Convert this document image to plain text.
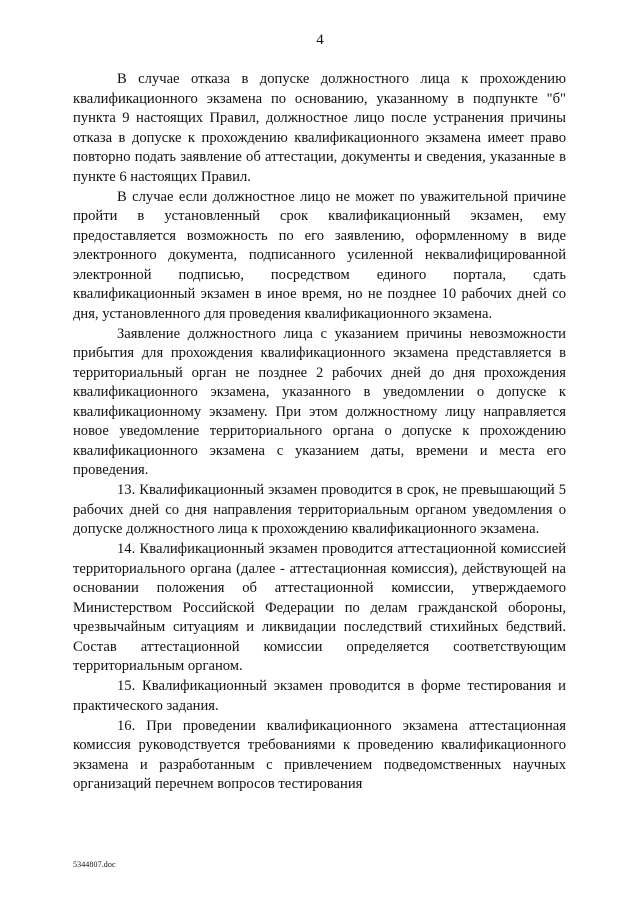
4

В случае отказа в допуске должностного лица к прохождению квалификационного экзамена по основанию, указанному в подпункте "б" пункта 9 настоящих Правил, должностное лицо после устранения причины отказа в допуске к прохождению квалификационного экзамена имеет право повторно подать заявление об аттестации, документы и сведения, указанные в пункте 6 настоящих Правил.

В случае если должностное лицо не может по уважительной причине пройти в установленный срок квалификационный экзамен, ему предоставляется возможность по его заявлению, оформленному в виде электронного документа, подписанного усиленной неквалифицированной электронной подписью, посредством единого портала, сдать квалификационный экзамен в иное время, но не позднее 10 рабочих дней со дня, установленного для проведения квалификационного экзамена.

Заявление должностного лица с указанием причины невозможности прибытия для прохождения квалификационного экзамена представляется в территориальный орган не позднее 2 рабочих дней до дня прохождения квалификационного экзамена, указанного в уведомлении о допуске к квалификационному экзамену. При этом должностному лицу направляется новое уведомление территориального органа о допуске к прохождению квалификационного экзамена с указанием даты, времени и места его проведения.

13. Квалификационный экзамен проводится в срок, не превышающий 5 рабочих дней со дня направления территориальным органом уведомления о допуске должностного лица к прохождению квалификационного экзамена.

14. Квалификационный экзамен проводится аттестационной комиссией территориального органа (далее - аттестационная комиссия), действующей на основании положения об аттестационной комиссии, утверждаемого Министерством Российской Федерации по делам гражданской обороны, чрезвычайным ситуациям и ликвидации последствий стихийных бедствий. Состав аттестационной комиссии определяется соответствующим территориальным органом.

15. Квалификационный экзамен проводится в форме тестирования и практического задания.

16. При проведении квалификационного экзамена аттестационная комиссия руководствуется требованиями к проведению квалификационного экзамена и разработанным с привлечением подведомственных научных организаций перечнем вопросов тестирования

5344807.doc
